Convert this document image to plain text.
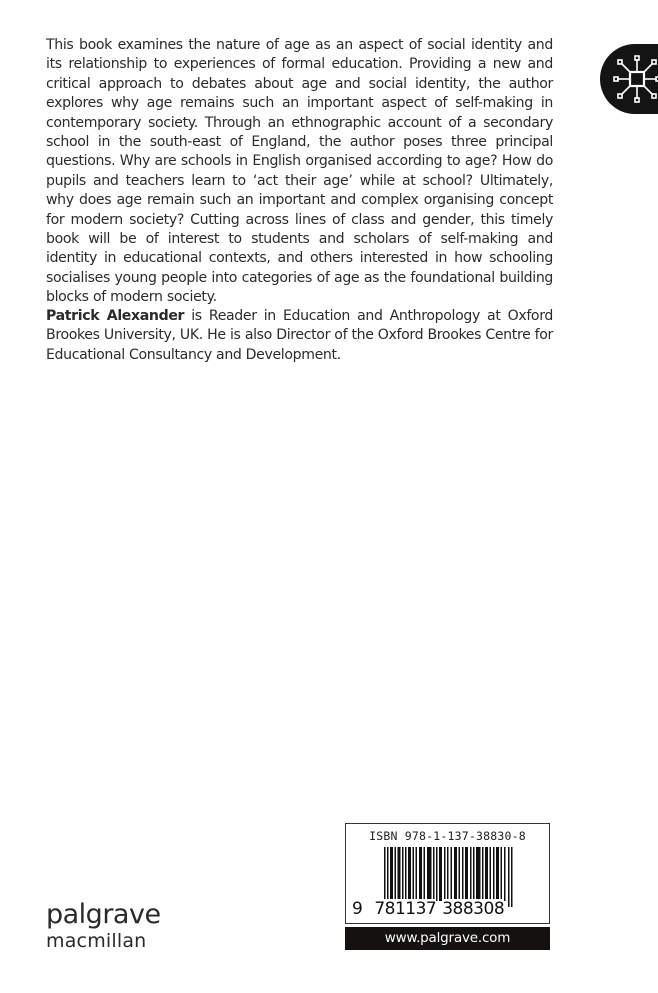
This book examines the nature of age as an aspect of social identity and its relationship to experiences of formal education. Providing a new and critical approach to debates about age and social identity, the author explores why age remains such an important aspect of self-making in contemporary society. Through an ethnographic account of a secondary school in the south-east of England, the author poses three principal questions. Why are schools in English organised according to age? How do pupils and teachers learn to ‘act their age’ while at school? Ultimately, why does age remain such an important and complex organising concept for modern society? Cutting across lines of class and gender, this timely book will be of interest to students and scholars of self-making and identity in educational contexts, and others interested in how schooling socialises young people into categories of age as the foundational building blocks of modern society.

Patrick Alexander is Reader in Education and Anthropology at Oxford Brookes University, UK. He is also Director of the Oxford Brookes Centre for Educational Consultancy and Development.

palgrave
macmillan
ISBN 978-1-137-38830-8
9 781137 388308
www.palgrave.com
